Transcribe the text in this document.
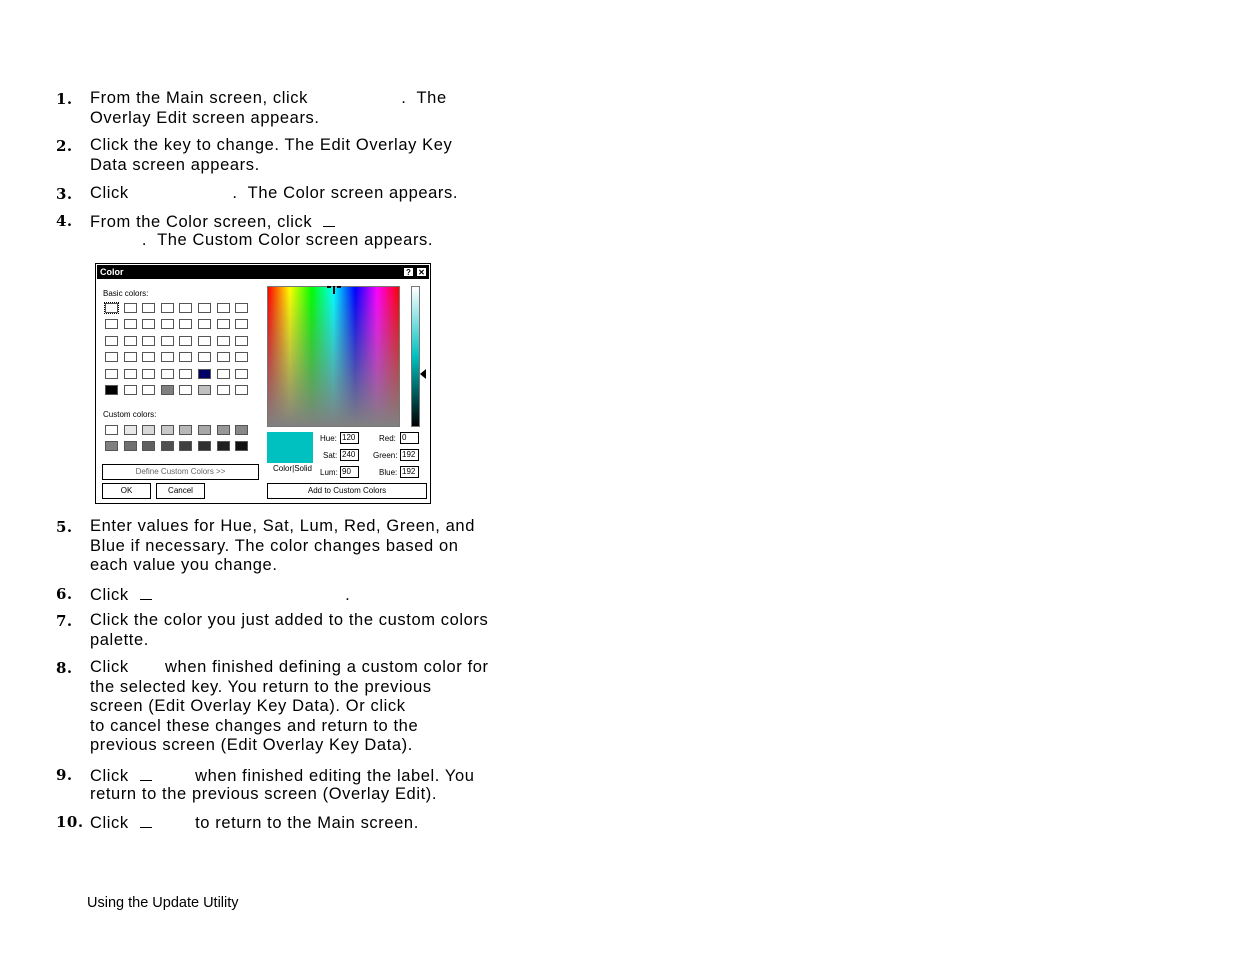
1.	From the Main screen, click                  .  The
Overlay Edit screen appears.
2.	Click the key to change. The Edit Overlay Key
Data screen appears.
3.	Click                    .  The Color screen appears.
4.	From the Color screen, click
.  The Custom Color screen appears.
5.	Enter values for Hue, Sat, Lum, Red, Green, and
Blue if necessary. The color changes based on
each value you change.
6.	Click	.
7.	Click the color you just added to the custom colors
palette.
8.	Click       when finished defining a custom color for
the selected key. You return to the previous
screen (Edit Overlay Key Data). Or click
to cancel these changes and return to the
previous screen (Edit Overlay Key Data).
9.	Click	when finished editing the label. You
return to the previous screen (Overlay Edit).
10. Click	to return to the Main screen.
Color	? ✕
Basic colors:
Custom colors:
Define Custom Colors >>
OK	Cancel
Color|Solid
Hue: 120
Sat: 240
Lum: 90
Red: 0
Green: 192
Blue: 192
Add to Custom Colors
Using the Update Utility
